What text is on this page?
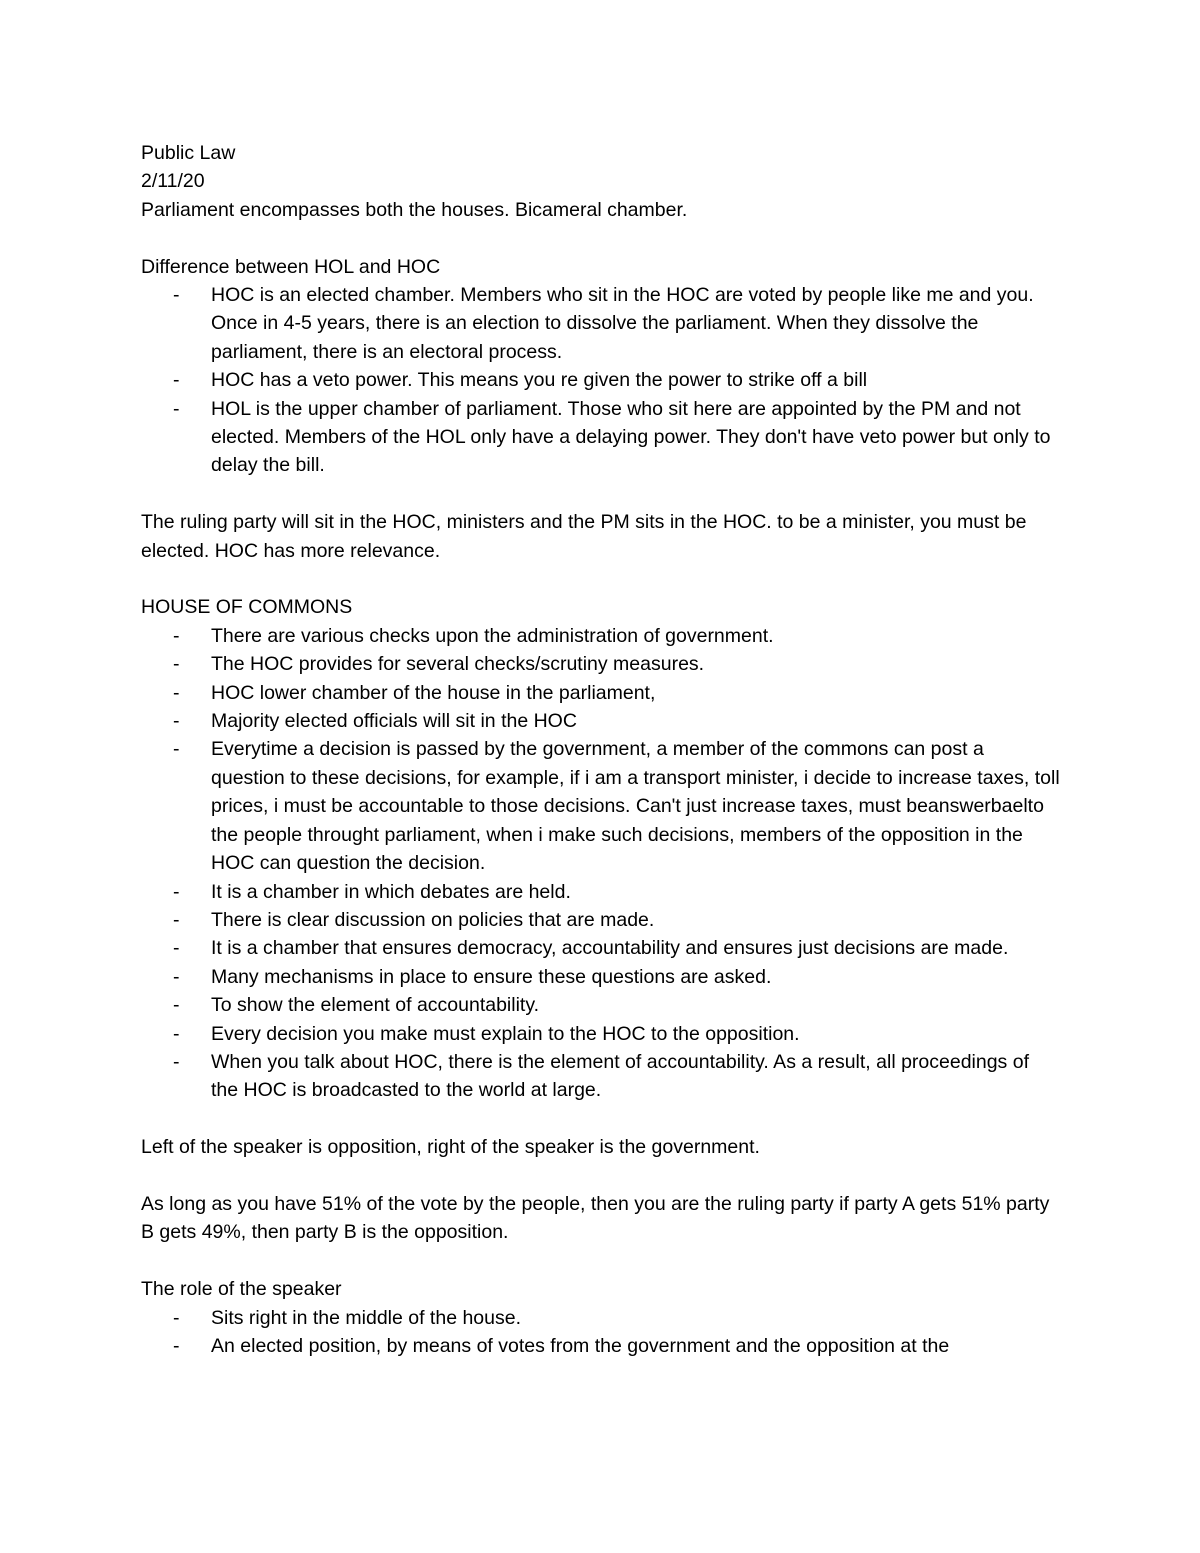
Public Law
2/11/20
Parliament encompasses both the houses. Bicameral chamber.
Difference between HOL and HOC
- HOC is an elected chamber. Members who sit in the HOC are voted by people like me and you. Once in 4-5 years, there is an election to dissolve the parliament. When they dissolve the parliament, there is an electoral process.
- HOC has a veto power. This means you re given the power to strike off a bill
- HOL is the upper chamber of parliament. Those who sit here are appointed by the PM and not elected. Members of the HOL only have a delaying power. They don't have veto power but only to delay the bill.
The ruling party will sit in the HOC, ministers and the PM sits in the HOC. to be a minister, you must be elected. HOC has more relevance.
HOUSE OF COMMONS
- There are various checks upon the administration of government.
- The HOC provides for several checks/scrutiny measures.
- HOC lower chamber of the house in the parliament,
- Majority elected officials will sit in the HOC
- Everytime a decision is passed by the government, a member of the commons can post a question to these decisions, for example, if i am a transport minister, i decide to increase taxes, toll prices, i must be accountable to those decisions. Can't just increase taxes, must beanswerbaelto the people throught parliament, when i make such decisions, members of the opposition in the HOC can question the decision.
- It is a chamber in which debates are held.
- There is clear discussion on policies that are made.
- It is a chamber that ensures democracy, accountability and ensures just decisions are made.
- Many mechanisms in place to ensure these questions are asked.
- To show the element of accountability.
- Every decision you make must explain to the HOC to the opposition.
- When you talk about HOC, there is the element of accountability. As a result, all proceedings of the HOC is broadcasted to the world at large.
Left of the speaker is opposition, right of the speaker is the government.
As long as you have 51% of the vote by the people, then you are the ruling party if party A gets 51% party B gets 49%, then party B is the opposition.
The role of the speaker
- Sits right in the middle of the house.
- An elected position, by means of votes from the government and the opposition at the
